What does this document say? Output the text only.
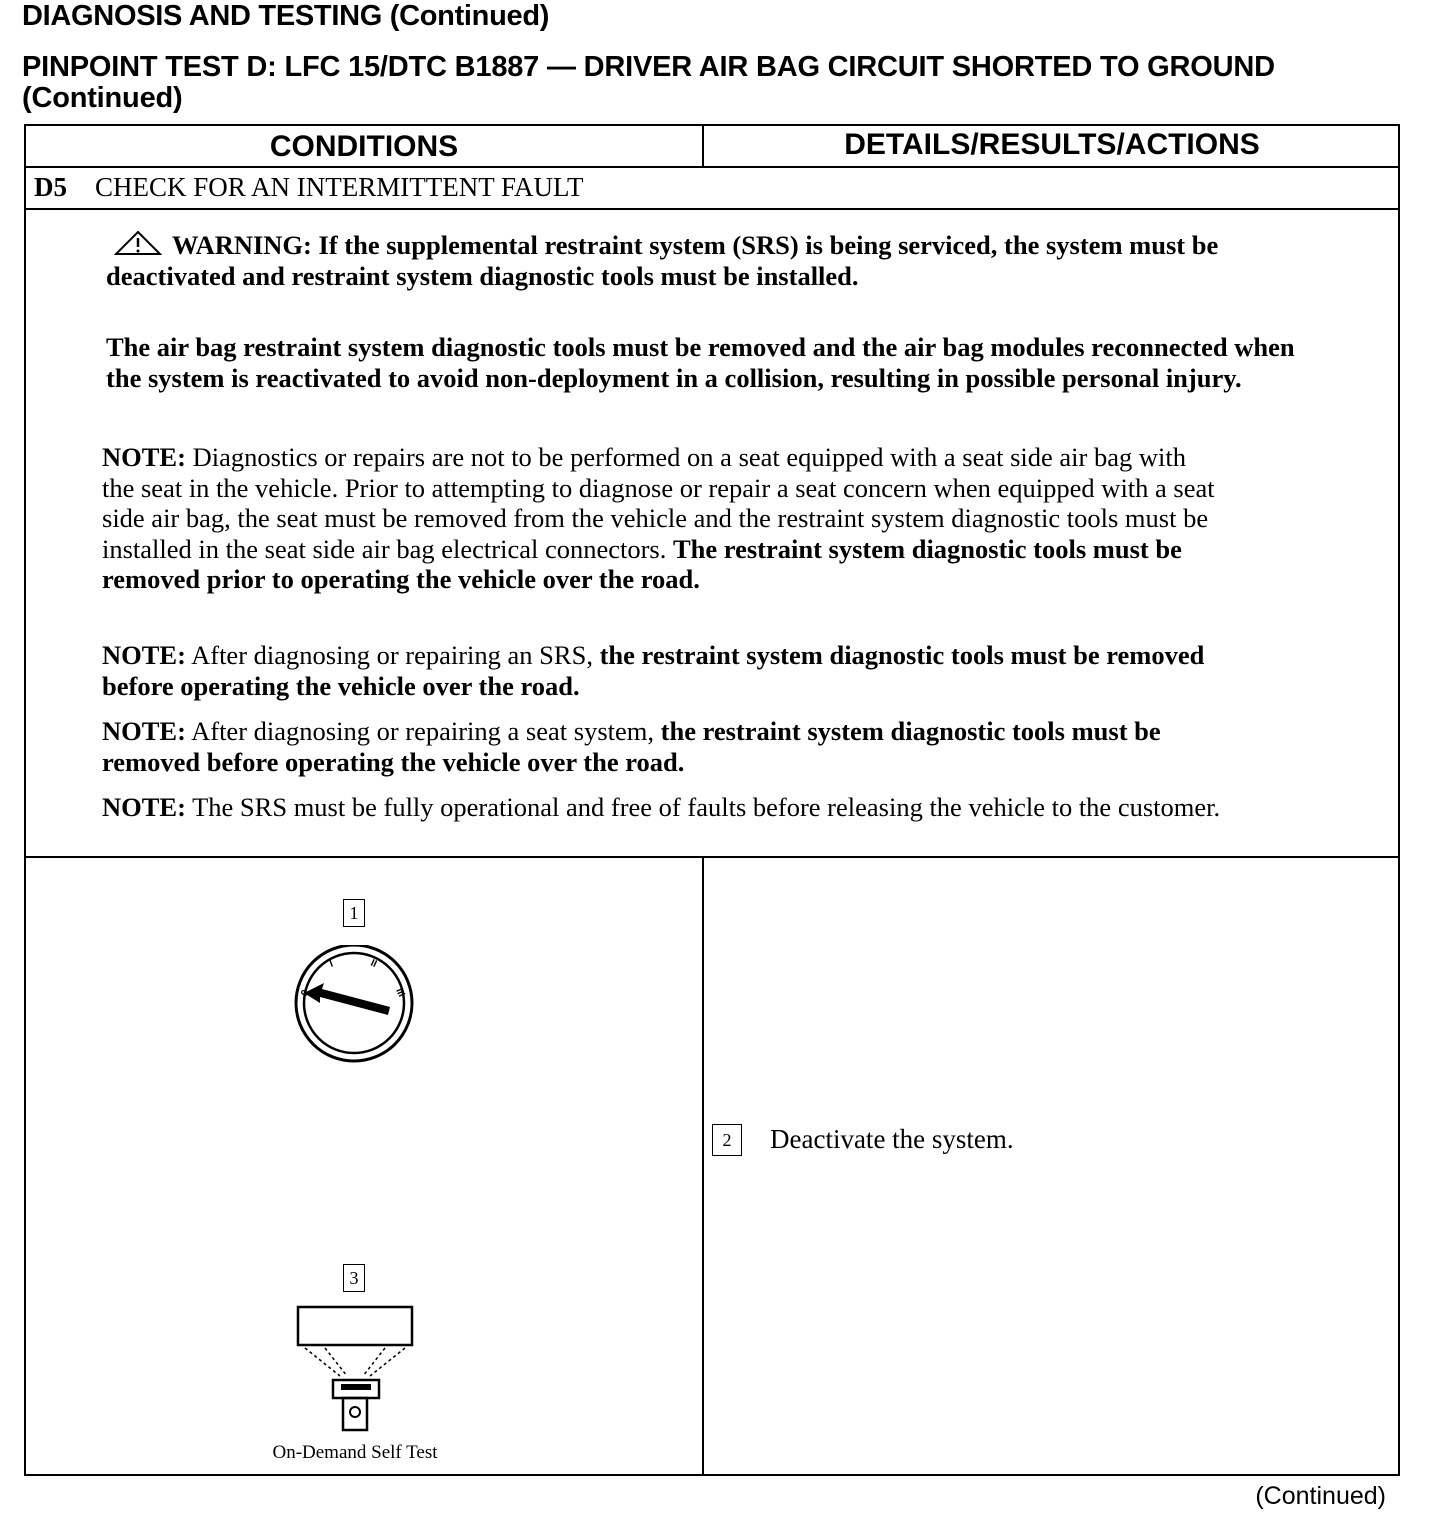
DIAGNOSIS AND TESTING (Continued)
PINPOINT TEST D: LFC 15/DTC B1887 — DRIVER AIR BAG CIRCUIT SHORTED TO GROUND (Continued)
CONDITIONS	DETAILS/RESULTS/ACTIONS
D5 CHECK FOR AN INTERMITTENT FAULT

WARNING: If the supplemental restraint system (SRS) is being serviced, the system must be deactivated and restraint system diagnostic tools must be installed.

The air bag restraint system diagnostic tools must be removed and the air bag modules reconnected when the system is reactivated to avoid non-deployment in a collision, resulting in possible personal injury.

NOTE: Diagnostics or repairs are not to be performed on a seat equipped with a seat side air bag with the seat in the vehicle. Prior to attempting to diagnose or repair a seat concern when equipped with a seat side air bag, the seat must be removed from the vehicle and the restraint system diagnostic tools must be installed in the seat side air bag electrical connectors. The restraint system diagnostic tools must be removed prior to operating the vehicle over the road.
NOTE: After diagnosing or repairing an SRS, the restraint system diagnostic tools must be removed before operating the vehicle over the road.
NOTE: After diagnosing or repairing a seat system, the restraint system diagnostic tools must be removed before operating the vehicle over the road.
NOTE: The SRS must be fully operational and free of faults before releasing the vehicle to the customer.
1
0
I	II
III
2	Deactivate the system.
3
On-Demand Self Test
(Continued)
